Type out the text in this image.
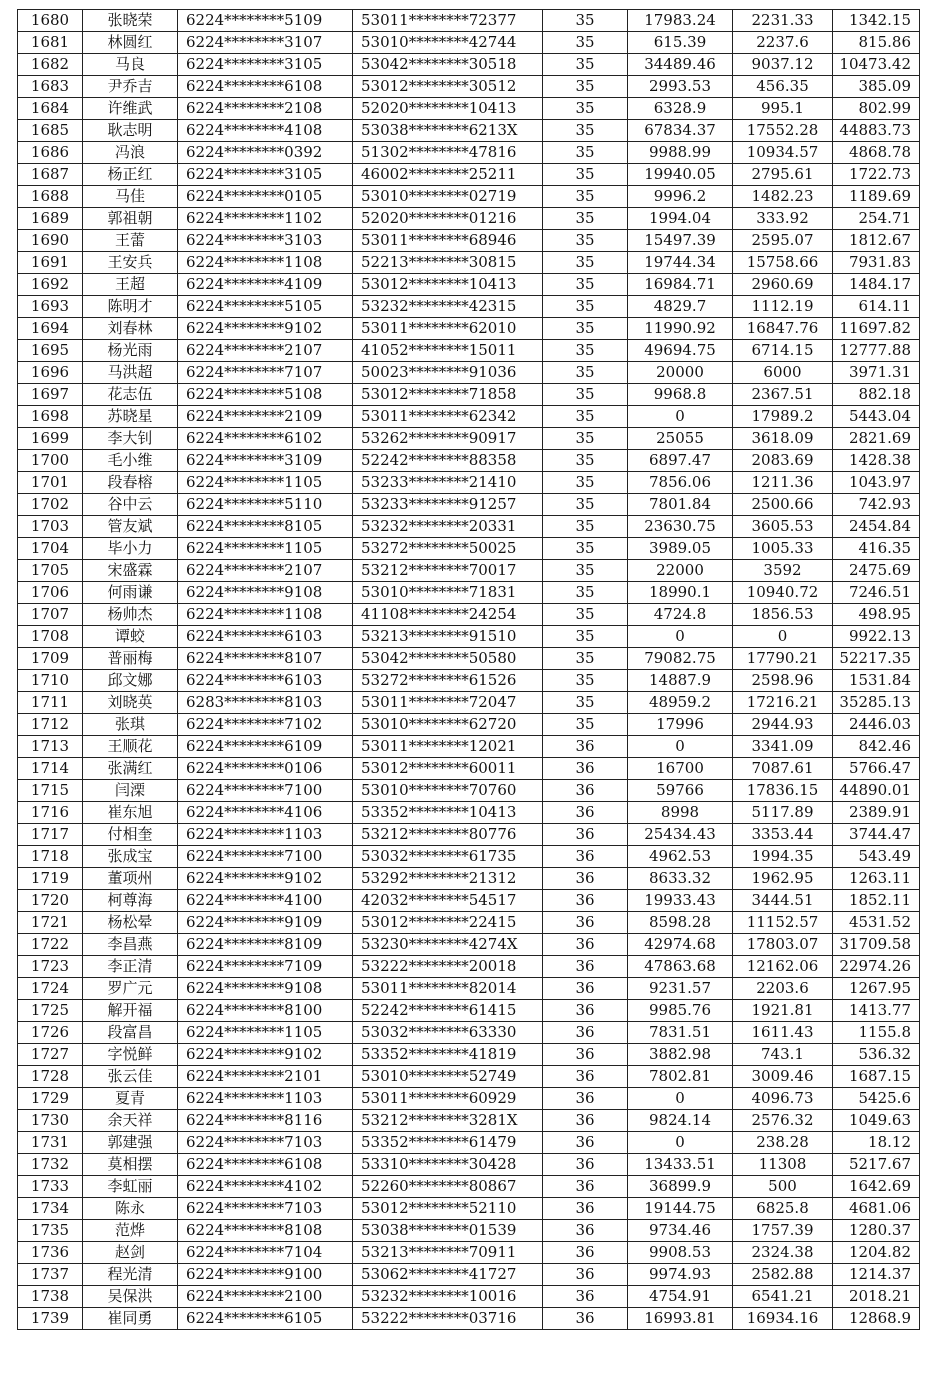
1680	张晓荣	6224********5109	53011********72377	35	17983.24	2231.33	1342.15
1681	林圆红	6224********3107	53010********42744	35	615.39	2237.6	815.86
1682	马良	6224********3105	53042********30518	35	34489.46	9037.12	10473.42
1683	尹乔吉	6224********6108	53012********30512	35	2993.53	456.35	385.09
1684	许维武	6224********2108	52020********10413	35	6328.9	995.1	802.99
1685	耿志明	6224********4108	53038********6213X	35	67834.37	17552.28	44883.73
1686	冯浪	6224********0392	51302********47816	35	9988.99	10934.57	4868.78
1687	杨正红	6224********3105	46002********25211	35	19940.05	2795.61	1722.73
1688	马佳	6224********0105	53010********02719	35	9996.2	1482.23	1189.69
1689	郭祖朝	6224********1102	52020********01216	35	1994.04	333.92	254.71
1690	王蕾	6224********3103	53011********68946	35	15497.39	2595.07	1812.67
1691	王安兵	6224********1108	52213********30815	35	19744.34	15758.66	7931.83
1692	王超	6224********4109	53012********10413	35	16984.71	2960.69	1484.17
1693	陈明才	6224********5105	53232********42315	35	4829.7	1112.19	614.11
1694	刘春林	6224********9102	53011********62010	35	11990.92	16847.76	11697.82
1695	杨光雨	6224********2107	41052********15011	35	49694.75	6714.15	12777.88
1696	马洪超	6224********7107	50023********91036	35	20000	6000	3971.31
1697	花志伍	6224********5108	53012********71858	35	9968.8	2367.51	882.18
1698	苏晓星	6224********2109	53011********62342	35	0	17989.2	5443.04
1699	李大钊	6224********6102	53262********90917	35	25055	3618.09	2821.69
1700	毛小维	6224********3109	52242********88358	35	6897.47	2083.69	1428.38
1701	段春榕	6224********1105	53233********21410	35	7856.06	1211.36	1043.97
1702	谷中云	6224********5110	53233********91257	35	7801.84	2500.66	742.93
1703	管友斌	6224********8105	53232********20331	35	23630.75	3605.53	2454.84
1704	毕小力	6224********1105	53272********50025	35	3989.05	1005.33	416.35
1705	宋盛霖	6224********2107	53212********70017	35	22000	3592	2475.69
1706	何雨谦	6224********9108	53010********71831	35	18990.1	10940.72	7246.51
1707	杨帅杰	6224********1108	41108********24254	35	4724.8	1856.53	498.95
1708	谭蛟	6224********6103	53213********91510	35	0	0	9922.13
1709	普丽梅	6224********8107	53042********50580	35	79082.75	17790.21	52217.35
1710	邱文娜	6224********6103	53272********61526	35	14887.9	2598.96	1531.84
1711	刘晓英	6283********8103	53011********72047	35	48959.2	17216.21	35285.13
1712	张琪	6224********7102	53010********62720	35	17996	2944.93	2446.03
1713	王顺花	6224********6109	53011********12021	36	0	3341.09	842.46
1714	张满红	6224********0106	53012********60011	36	16700	7087.61	5766.47
1715	闫溧	6224********7100	53010********70760	36	59766	17836.15	44890.01
1716	崔东旭	6224********4106	53352********10413	36	8998	5117.89	2389.91
1717	付相奎	6224********1103	53212********80776	36	25434.43	3353.44	3744.47
1718	张成宝	6224********7100	53032********61735	36	4962.53	1994.35	543.49
1719	董项州	6224********9102	53292********21312	36	8633.32	1962.95	1263.11
1720	柯尊海	6224********4100	42032********54517	36	19933.43	3444.51	1852.11
1721	杨松晕	6224********9109	53012********22415	36	8598.28	11152.57	4531.52
1722	李昌燕	6224********8109	53230********4274X	36	42974.68	17803.07	31709.58
1723	李正清	6224********7109	53222********20018	36	47863.68	12162.06	22974.26
1724	罗广元	6224********9108	53011********82014	36	9231.57	2203.6	1267.95
1725	解开福	6224********8100	52242********61415	36	9985.76	1921.81	1413.77
1726	段富昌	6224********1105	53032********63330	36	7831.51	1611.43	1155.8
1727	字悦鲜	6224********9102	53352********41819	36	3882.98	743.1	536.32
1728	张云佳	6224********2101	53010********52749	36	7802.81	3009.46	1687.15
1729	夏青	6224********1103	53011********60929	36	0	4096.73	5425.6
1730	余天祥	6224********8116	53212********3281X	36	9824.14	2576.32	1049.63
1731	郭建强	6224********7103	53352********61479	36	0	238.28	18.12
1732	莫相摆	6224********6108	53310********30428	36	13433.51	11308	5217.67
1733	李虹丽	6224********4102	52260********80867	36	36899.9	500	1642.69
1734	陈永	6224********7103	53012********52110	36	19144.75	6825.8	4681.06
1735	范烨	6224********8108	53038********01539	36	9734.46	1757.39	1280.37
1736	赵剑	6224********7104	53213********70911	36	9908.53	2324.38	1204.82
1737	程光清	6224********9100	53062********41727	36	9974.93	2582.88	1214.37
1738	吴保洪	6224********2100	53232********10016	36	4754.91	6541.21	2018.21
1739	崔同勇	6224********6105	53222********03716	36	16993.81	16934.16	12868.9
